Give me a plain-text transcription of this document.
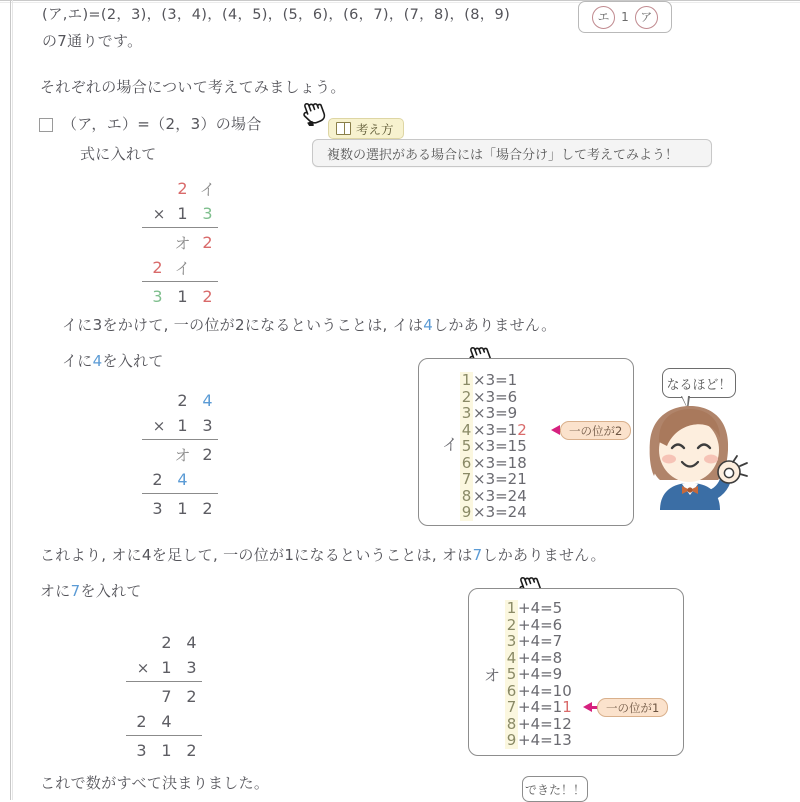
(ア,エ)=(2，3)，(3，4)，(4，5)，(5，6)，(6，7)，(7，8)，(8，9)	エ 1 ア
の7通りです。
それぞれの場合について考えてみましょう。
（ア，エ）=（2，3）の場合
式に入れて
考え方
複数の選択がある場合には「場合分け」して考えてみよう！
2 イ
× 1 3
オ 2
2 イ
3 1 2
イに3をかけて, 一の位が2になるということは, イは4しかありません。
イに4を入れて
2 4
× 1 3
オ 2
2 4
3 1 2
イ
1 ×3=1
2 ×3=6
3 ×3=9
4 ×3=1 2
5 ×3=15
6 ×3=18
7 ×3=21
8 ×3=24
9 ×3=24
一の位が2
なるほど！
これより, オに4を足して, 一の位が1になるということは, オは7しかありません。
オに7を入れて
2 4
× 1 3
7 2
2 4
3 1 2
オ
1 +4=5
2 +4=6
3 +4=7
4 +4=8
5 +4=9
6 +4=10
7 +4=1 1
8 +4=12
9 +4=13
一の位が1
これで数がすべて決まりました。	できた！！
